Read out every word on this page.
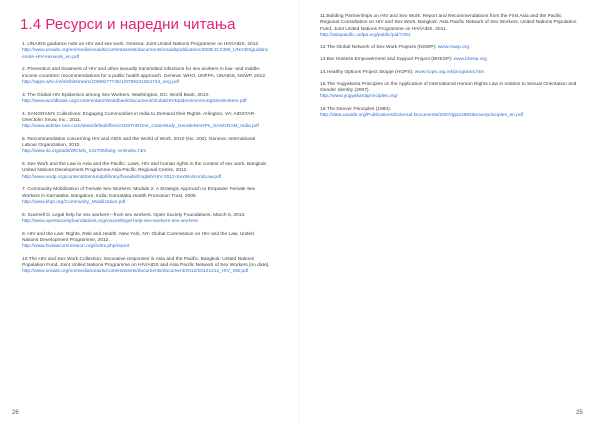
1.4 Ресурси и наредни читања
1. UNAIDS guidance note on HIV and sex work. Geneva: Joint United Nations Programme on HIV/AIDS, 2012.
http://www.unaids.org/en/media/unaids/contentassets/documents/unaidspublication/2009/JC2306_UNAIDSguidancenote-HIV-sexwork_en.pdf
2. Prevention and treatment of HIV and other sexually transmitted infections for sex workers in low- and middle-income countries: recommendations for a public health approach. Geneva: WHO, UNFPA, UNAIDS, NSWP, 2012.
http://apps.who.int/iris/bitstream/10665/77745/1/9789241504744_eng.pdf
3. The Global HIV Epidemics among Sex Workers. Washington, DC: World Bank, 2013.
http://www.worldbank.org/content/dam/Worldbank/document/GlobalHIVEpidemicsAmongSexWorkers.pdf
4. SANGRAM's Collectives: Engaging Communities in India to Demand their Rights. Arlington, VA: AIDSTAR-One/John Snow, Inc., 2011.
http://www.aidstar-one.com/sites/default/files/AIDSTAROne_CaseStudy_GenderMARPs_SANGRAM_India.pdf
5. Recommendation concerning HIV and AIDS and the World of Work, 2010 (No. 200). Geneva: International Labour Organization, 2010.
http://www.ilo.org/aids/WCMS_142706/lang--en/index.htm
6. Sex Work and the Law in Asia and the Pacific: Laws, HIV and human rights in the context of sex work. Bangkok: United Nations Development Programme Asia-Pacific Regional Centre, 2012.
http://www.undp.org/content/dam/undp/library/hivaids/English/HIV-2012-SexWorkAndLaw.pdf
7. Community Mobilization of Female Sex Workers: Module 2. A Strategic Approach to Empower Female Sex Workers in Karnataka. Bangalore, India: Karnataka Health Promotion Trust, 2008.
http://www.khpt.org/Community_Mobilization.pdf
8. Scarnell D. Legal help for sex workers—from sex workers. Open Society Foundations, March 5, 2013.
http://www.opensocietyfoundations.org/voices/legal-help-sex-workers-sex-workers
9. HIV and the Law: Rights, Risk and Health. New York, NY: Global Commission on HIV and the Law, United Nations Development Programme, 2012.
http://www.hivlawcommission.org/index.php/report
10.The HIV and Sex Work Collection: Innovative responses in Asia and the Pacific. Bangkok: United Nations Population Fund, Joint United Nations Programme on HIV/AIDS and Asia Pacific Network of Sex Workers [no date].
http://www.unaids.org/en/media/unaids/contentassets/documents/document/2012/20121212_HIV_SW.pdf
11.Building Partnerships on HIV and Sex Work: Report and Recommendations from the First Asia and the Pacific Regional Consultation on HIV and Sex Work. Bangkok: Asia Pacific Network of Sex Workers, United Nations Population Fund, Joint United Nations Programme on HIV/AIDS, 2011.
http://asiapacific.unfpa.org/public/pid/7491
12.The Global Network of Sex Work Projects (NSWP): www.nswp.org
13.Bar Hostess Empowerment and Support Project (BHESP): www.bhesp.org
14.Healthy Options Project Skopje (HOPS): www.hops.org.mk/programs.htm
15.The Yogyakarta Principles on the Application of International Human Rights Law in relation to Sexual Orientation and Gender Identity (2007).
http://www.yogyakartaprinciples.org/
16.The Denver Principles (1983).
http://data.unaids.org/Publications/External-Documents/2007/gipa1983denverprinciples_en.pdf
26	25
